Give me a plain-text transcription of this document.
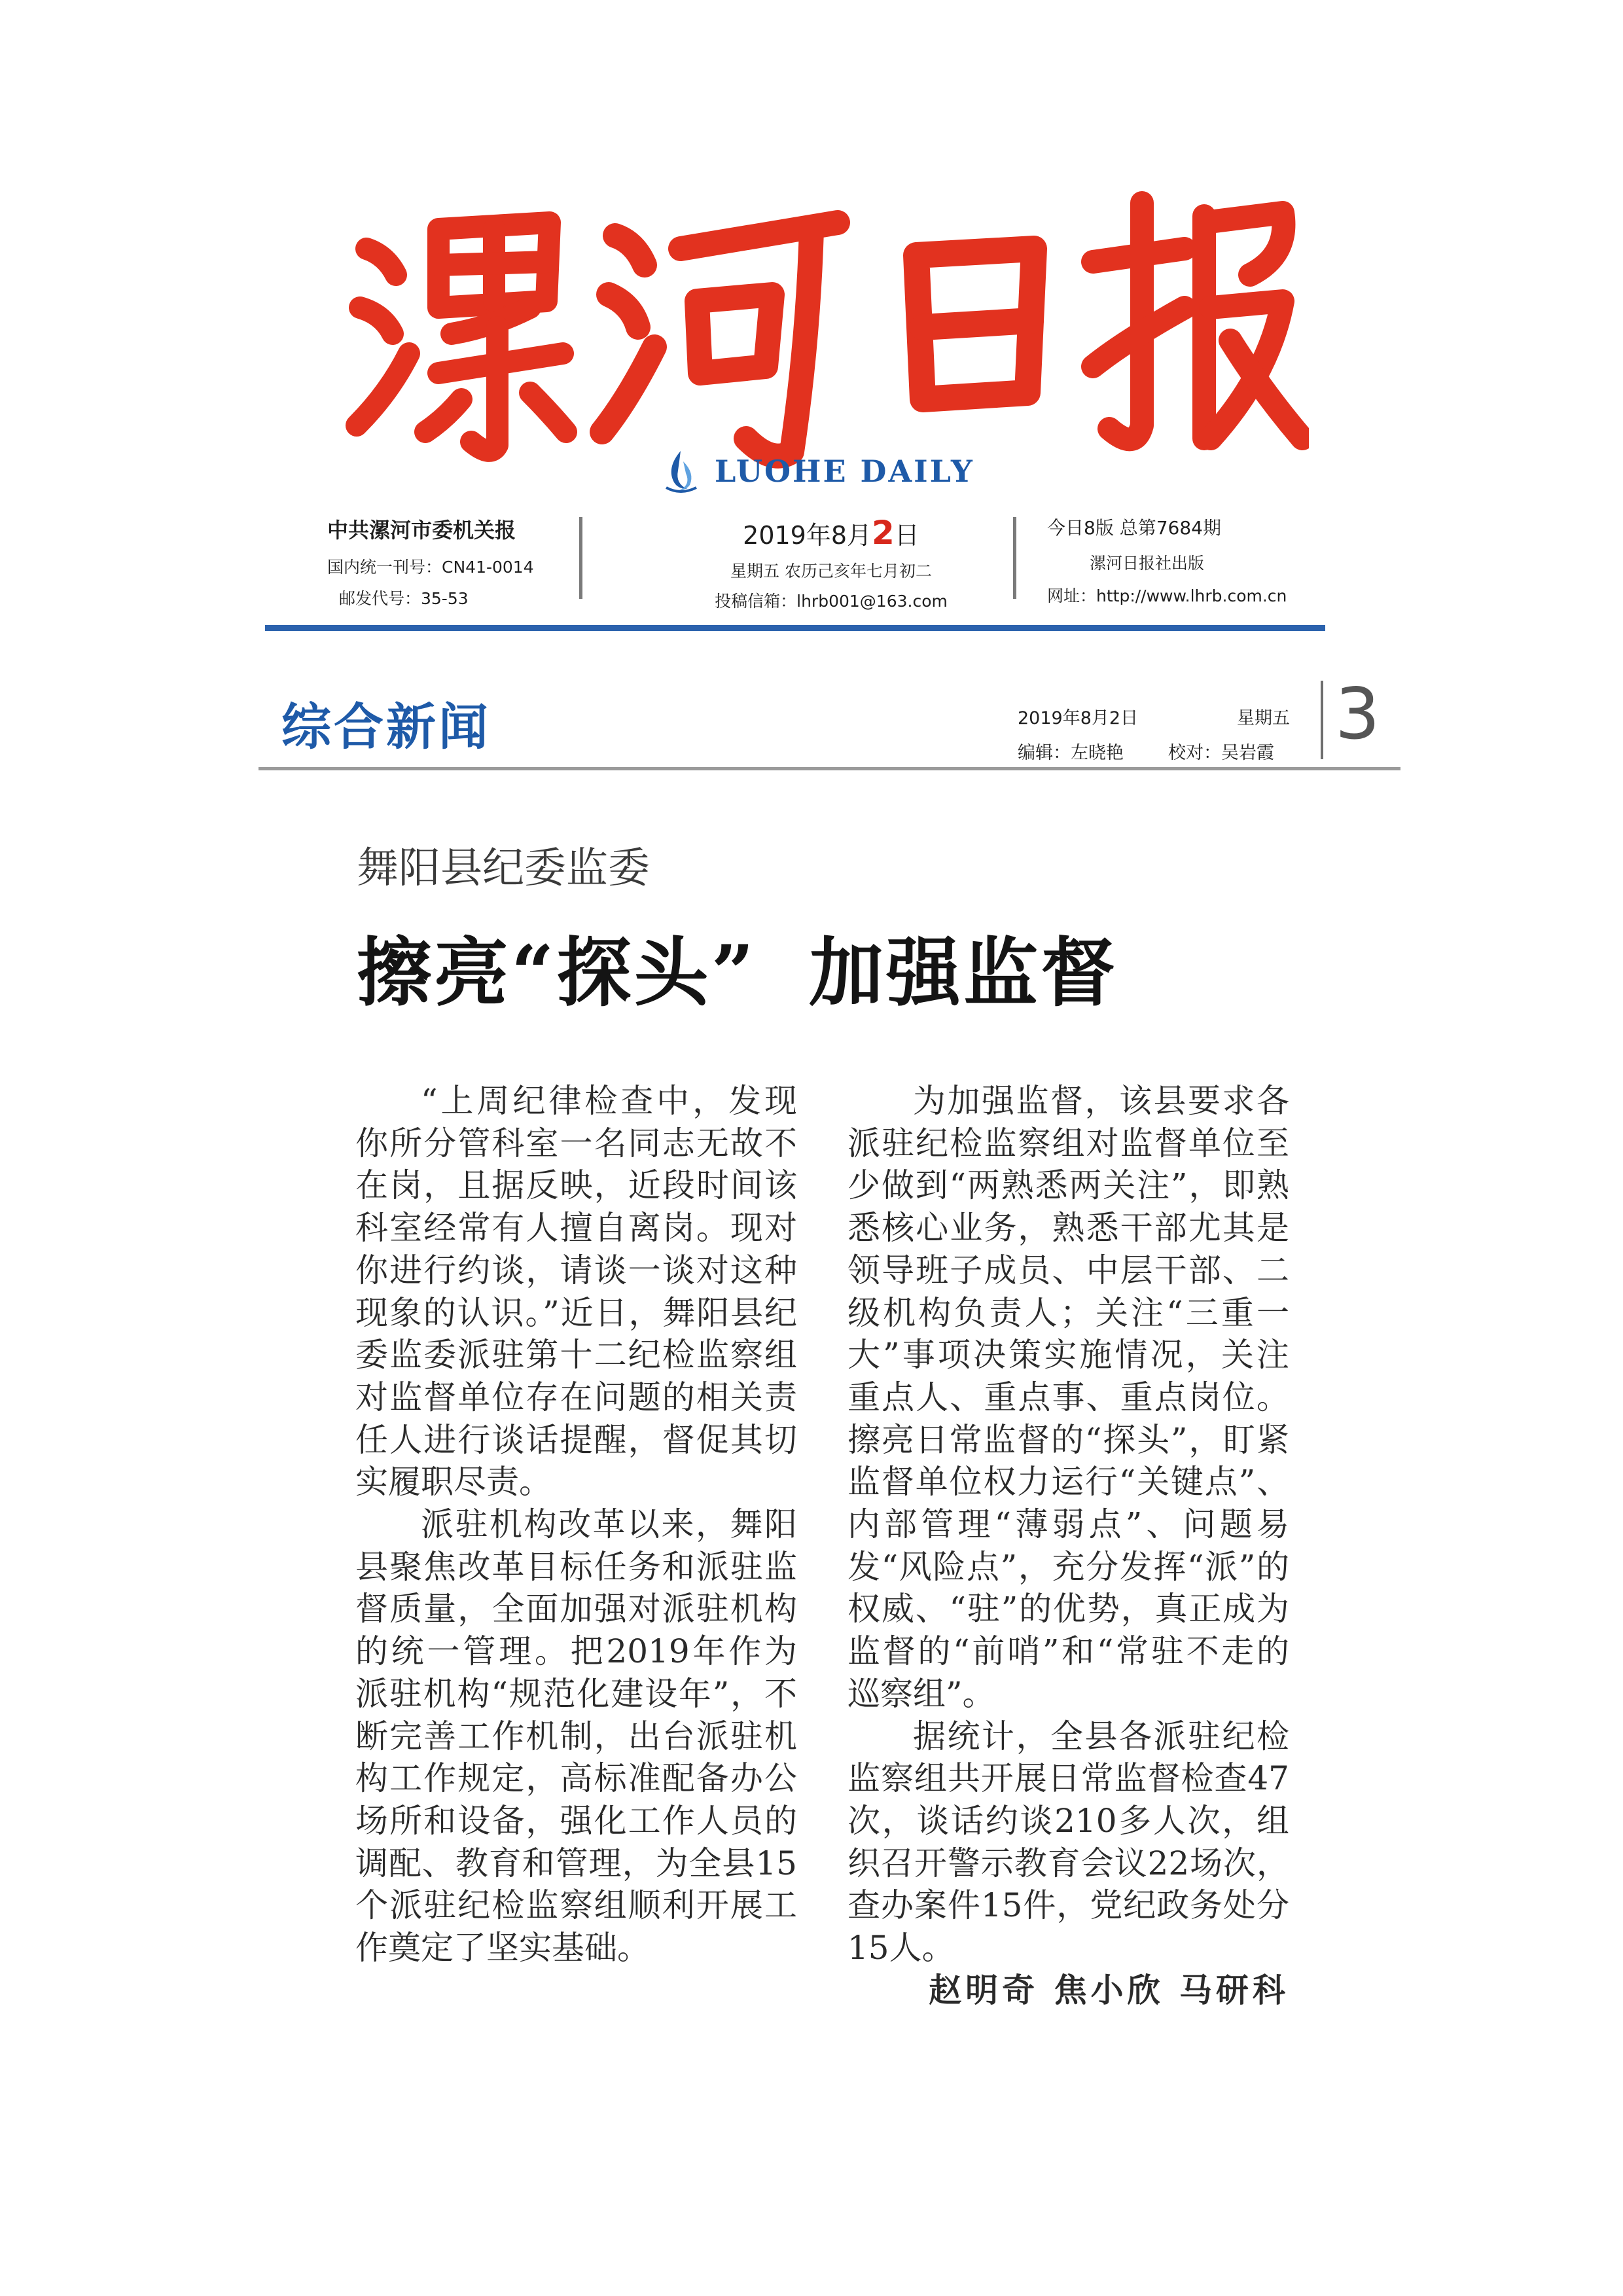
LUOHE DAILY
中共漯河市委机关报
国内统一刊号：CN41-0014
邮发代号：35-53
2019年8月2日
星期五 农历己亥年七月初二
投稿信箱：lhrb001@163.com
今日8版 总第7684期
漯河日报社出版
网址：http://www.lhrb.com.cn
综合新闻	2019年8月2日	星期五
编辑：左晓艳	校对：吴岩霞 3
舞阳县纪委监委
擦亮“探头” 加强监督

“上周纪律检查中，发现你所分管科室一名同志无故不在岗，且据反映，近段时间该科室经常有人擅自离岗。现对你进行约谈，请谈一谈对这种现象的认识。”近日，舞阳县纪委监委派驻第十二纪检监察组对监督单位存在问题的相关责任人进行谈话提醒，督促其切实履职尽责。

派驻机构改革以来，舞阳县聚焦改革目标任务和派驻监督质量，全面加强对派驻机构的统一管理。把2019年作为派驻机构“规范化建设年”，不断完善工作机制，出台派驻机构工作规定，高标准配备办公场所和设备，强化工作人员的调配、教育和管理，为全县15个派驻纪检监察组顺利开展工作奠定了坚实基础。

为加强监督，该县要求各派驻纪检监察组对监督单位至少做到“两熟悉两关注”，即熟悉核心业务，熟悉干部尤其是领导班子成员、中层干部、二级机构负责人；关注“三重一大”事项决策实施情况，关注重点人、重点事、重点岗位。擦亮日常监督的“探头”，盯紧监督单位权力运行“关键点”、内部管理“薄弱点”、问题易发“风险点”，充分发挥“派”的权威、“驻”的优势，真正成为监督的“前哨”和“常驻不走的巡察组”。

据统计，全县各派驻纪检监察组共开展日常监督检查47次，谈话约谈210多人次，组织召开警示教育会议22场次，查办案件15件，党纪政务处分15人。

赵明奇 焦小欣 马研科
